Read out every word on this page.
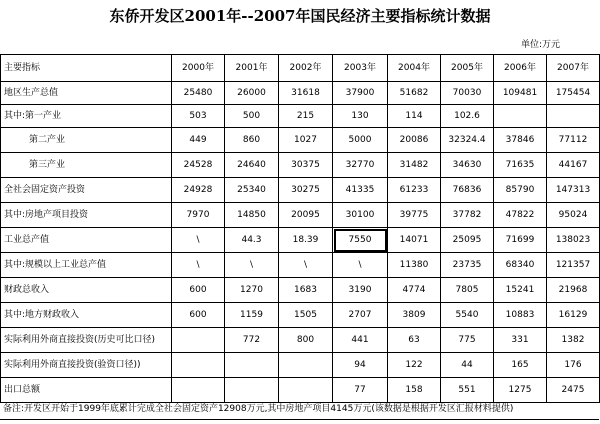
东侨开发区2001年--2007年国民经济主要指标统计数据
单位:万元
主要指标	2000年	2001年	2002年	2003年	2004年	2005年	2006年	2007年
地区生产总值	25480	26000	31618	37900	51682	70030	109481	175454
其中:第一产业	503	500	215	130	114	102.6		
第二产业	449	860	1027	5000	20086	32324.4	37846	77112
第三产业	24528	24640	30375	32770	31482	34630	71635	44167
全社会固定资产投资	24928	25340	30275	41335	61233	76836	85790	147313
其中:房地产项目投资	7970	14850	20095	30100	39775	37782	47822	95024
工业总产值	\	44.3	18.39	7550	14071	25095	71699	138023
其中:规模以上工业总产值	\	\	\	\	11380	23735	68340	121357
财政总收入	600	1270	1683	3190	4774	7805	15241	21968
其中:地方财政收入	600	1159	1505	2707	3809	5540	10883	16129
实际利用外商直接投资(历史可比口径)		772	800	441	63	775	331	1382
实际利用外商直接投资(验资口径))				94	122	44	165	176
出口总额				77	158	551	1275	2475
备注:开发区开始于1999年底累计完成全社会固定资产12908万元,其中房地产项目4145万元(该数据是根据开发区汇报材料提供)
